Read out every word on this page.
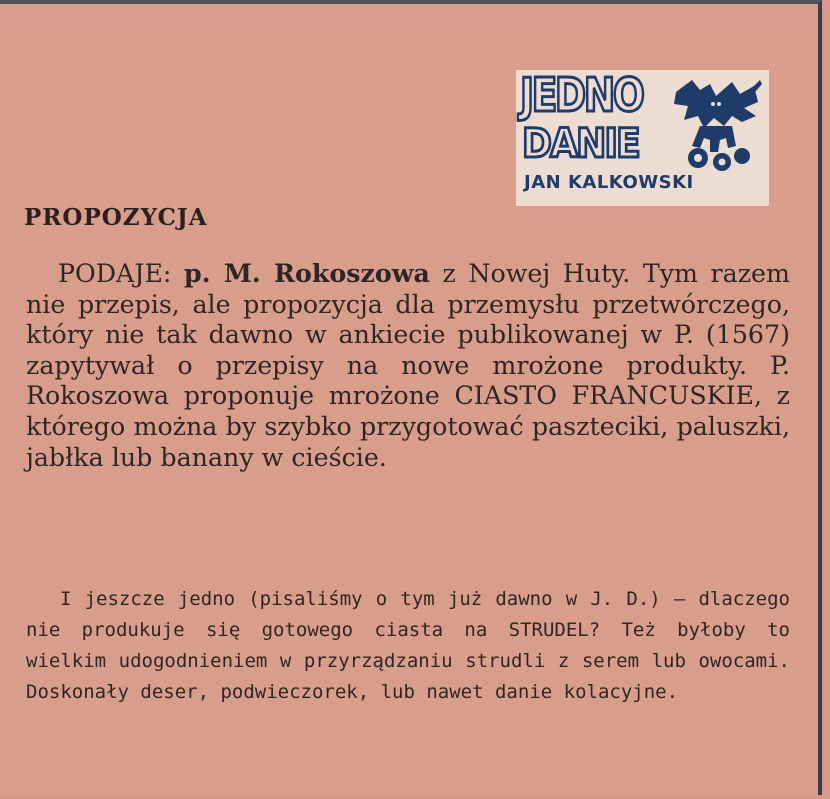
JEDNO
DANIE
JAN KALKOWSKI
PROPOZYCJA

PODAJE: p. M. Rokoszowa z Nowej Huty. Tym razem nie przepis, ale propozycja dla przemysłu przetwórczego, który nie tak dawno w ankiecie publikowanej w P. (1567) zapytywał o przepisy na nowe mrożone produkty. P. Rokoszowa proponuje mrożone CIASTO FRANCUSKIE, z którego można by szybko przygotować paszteciki, paluszki, jabłka lub banany w cieście.

I jeszcze jedno (pisaliśmy o tym już dawno w J. D.) — dlaczego nie produkuje się gotowego ciasta na STRUDEL? Też byłoby to wielkim udogodnieniem w przyrządzaniu strudli z serem lub owocami. Doskonały deser, podwieczorek, lub nawet danie kolacyjne.
